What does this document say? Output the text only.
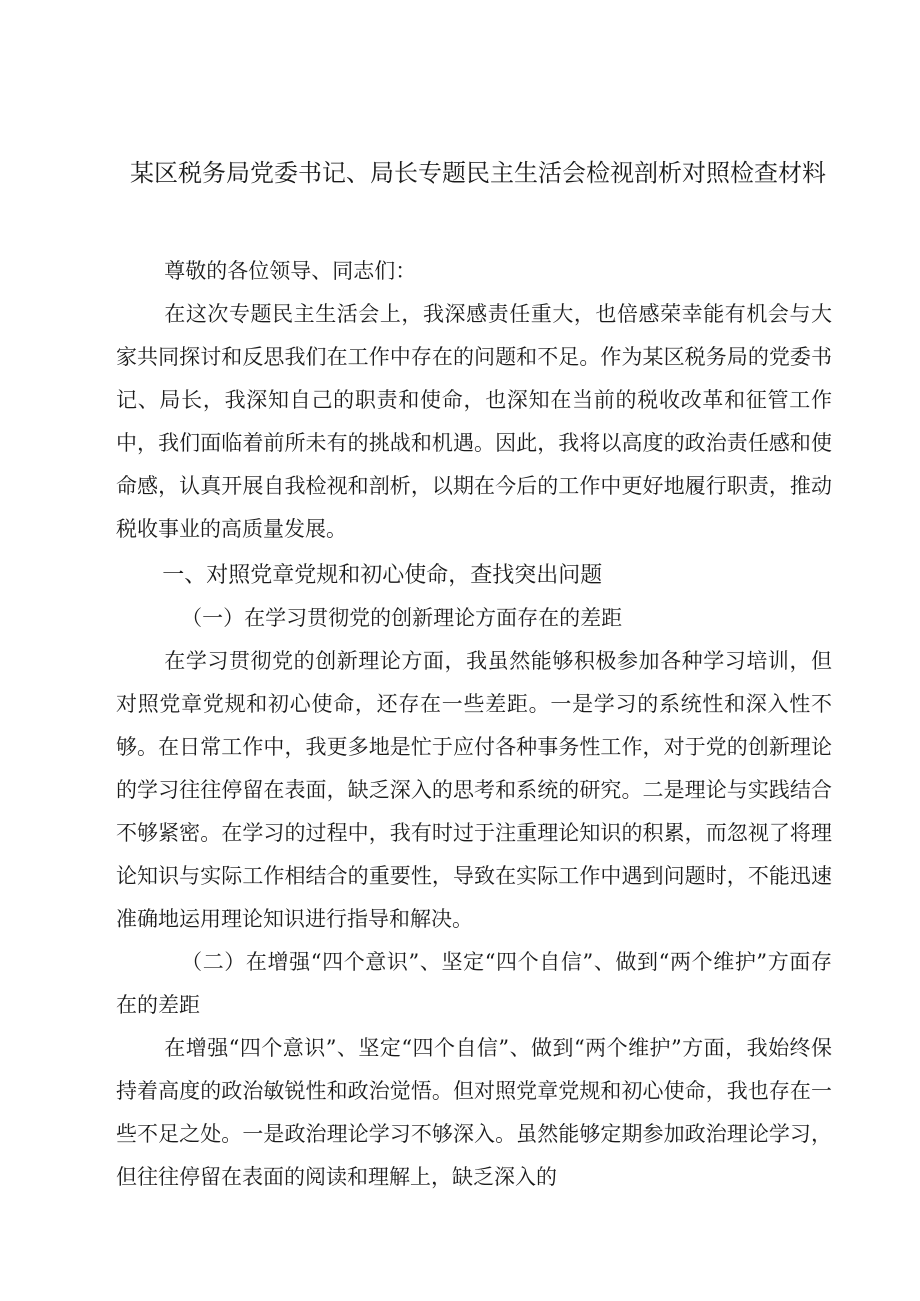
某区税务局党委书记、局长专题民主生活会检视剖析对照检查材料

尊敬的各位领导、同志们：

在这次专题民主生活会上，我深感责任重大，也倍感荣幸能有机会与大家共同探讨和反思我们在工作中存在的问题和不足。作为某区税务局的党委书记、局长，我深知自己的职责和使命，也深知在当前的税收改革和征管工作中，我们面临着前所未有的挑战和机遇。因此，我将以高度的政治责任感和使命感，认真开展自我检视和剖析，以期在今后的工作中更好地履行职责，推动税收事业的高质量发展。

一、对照党章党规和初心使命，查找突出问题

（一）在学习贯彻党的创新理论方面存在的差距

在学习贯彻党的创新理论方面，我虽然能够积极参加各种学习培训，但对照党章党规和初心使命，还存在一些差距。一是学习的系统性和深入性不够。在日常工作中，我更多地是忙于应付各种事务性工作，对于党的创新理论的学习往往停留在表面，缺乏深入的思考和系统的研究。二是理论与实践结合不够紧密。在学习的过程中，我有时过于注重理论知识的积累，而忽视了将理论知识与实际工作相结合的重要性，导致在实际工作中遇到问题时，不能迅速准确地运用理论知识进行指导和解决。

（二）在增强“四个意识”、坚定“四个自信”、做到“两个维护”方面存在的差距

在增强“四个意识”、坚定“四个自信”、做到“两个维护”方面，我始终保持着高度的政治敏锐性和政治觉悟。但对照党章党规和初心使命，我也存在一些不足之处。一是政治理论学习不够深入。虽然能够定期参加政治理论学习，但往往停留在表面的阅读和理解上，缺乏深入的
